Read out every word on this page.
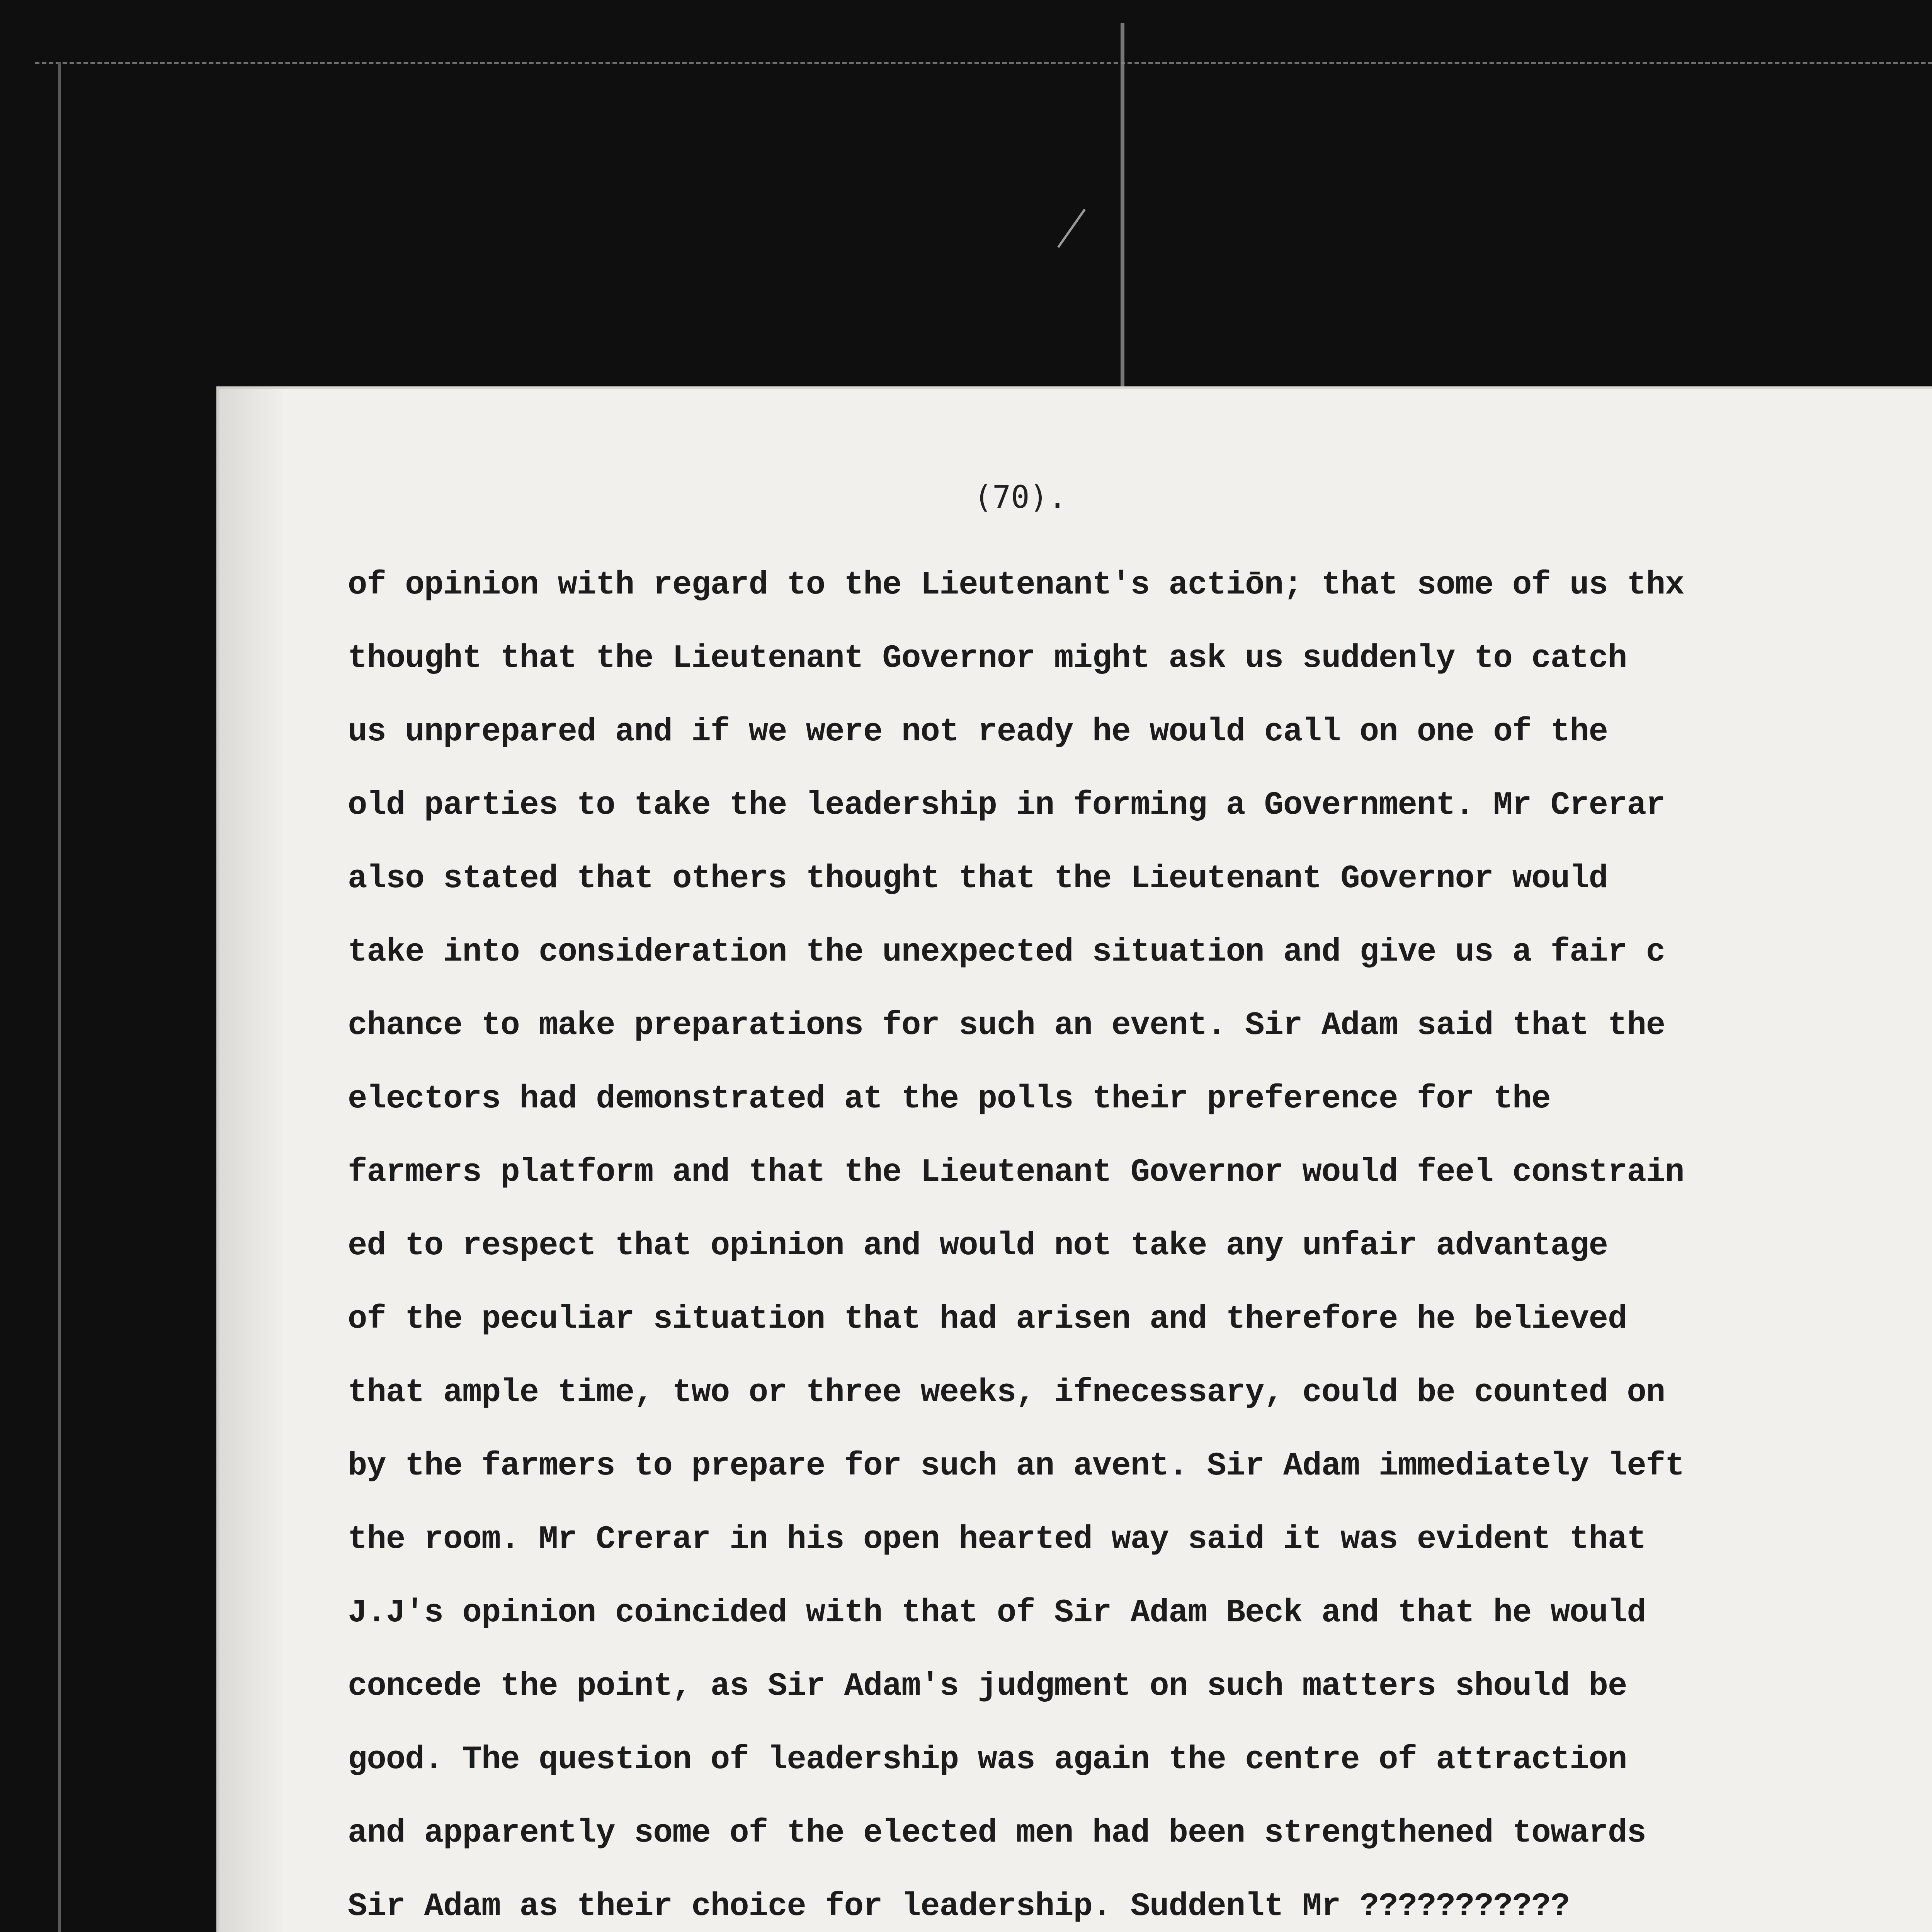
(70).

of opinion with regard to the Lieutenant's actiōn; that some of us thx
thought that the Lieutenant Governor might ask us suddenly to catch
us unprepared and if we were not ready he would call on one of the
old parties to take the leadership in forming a Government. Mr Crerar
also stated that others thought that the Lieutenant Governor would
take into consideration the unexpected situation and give us a fair c
chance to make preparations for such an event. Sir Adam said that the
electors had demonstrated at the polls their preference for the
farmers platform and that the Lieutenant Governor would feel constrain
ed to respect that opinion and would not take any unfair advantage
of the peculiar situation that had arisen and therefore he believed
that ample time, two or three weeks, ifnecessary, could be counted on
by the farmers to prepare for such an avent. Sir Adam immediately left
the room. Mr Crerar in his open hearted way said it was evident that
J.J's opinion coincided with that of Sir Adam Beck and that he would
concede the point, as Sir Adam's judgment on such matters should be
good. The question of leadership was again the centre of attraction
and apparently some of the elected men had been strengthened towards
Sir Adam as their choice for leadership. Suddenlt Mr ???????????
